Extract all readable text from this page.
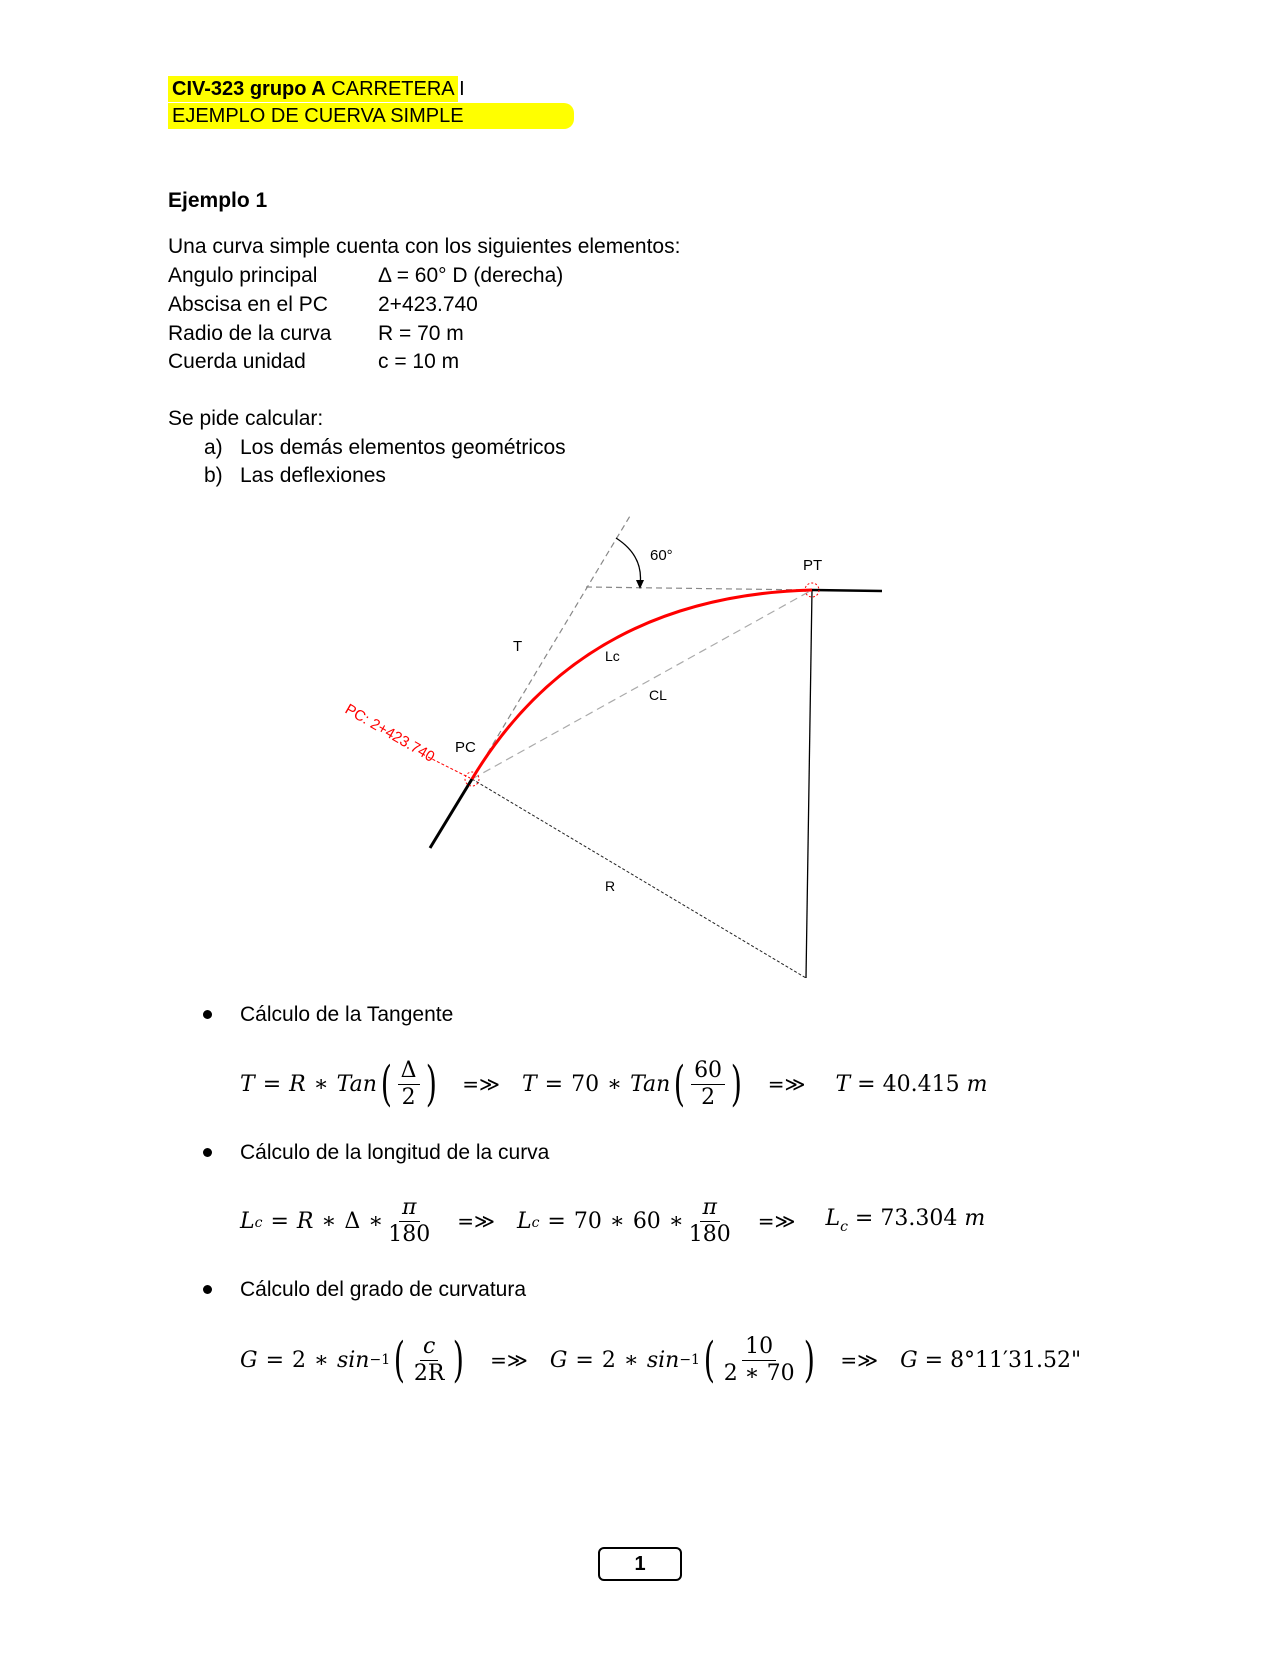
CIV-323 grupo A CARRETERA I
EJEMPLO DE CUERVA SIMPLE
Ejemplo 1
Una curva simple cuenta con los siguientes elementos:
Angulo principal	Δ = 60° D (derecha)
Abscisa en el PC 2+423.740
Radio de la curva R = 70 m
Cuerda unidad	c = 10 m
Se pide calcular:
a) Los demás elementos geométricos
b) Las deflexiones
60°
PT
T
Lc
CL
PC
R
PC: 2+423.740
Cálculo de la Tangente
T = R ∗ Tan ( $\frac{\Delta}{2}$ ) =≫ T = 70 ∗ Tan ( $\frac{60}{2}$ ) =≫ T = 40.415 m
Cálculo de la longitud de la curva
L c = R ∗ Δ ∗ $\frac{\pi}{180}$ =≫ L c = 70 ∗ 60 ∗ $\frac{\pi}{180}$ =≫ $L_c = 73.304$ m
Cálculo del grado de curvatura
G = 2 ∗ sin −1 ( $\frac{c}{2R}$ ) =≫ G = 2 ∗ sin −1 ( $\frac{10}{2 ∗ 70}$ ) =≫ G = 8°11′31.52"
1
